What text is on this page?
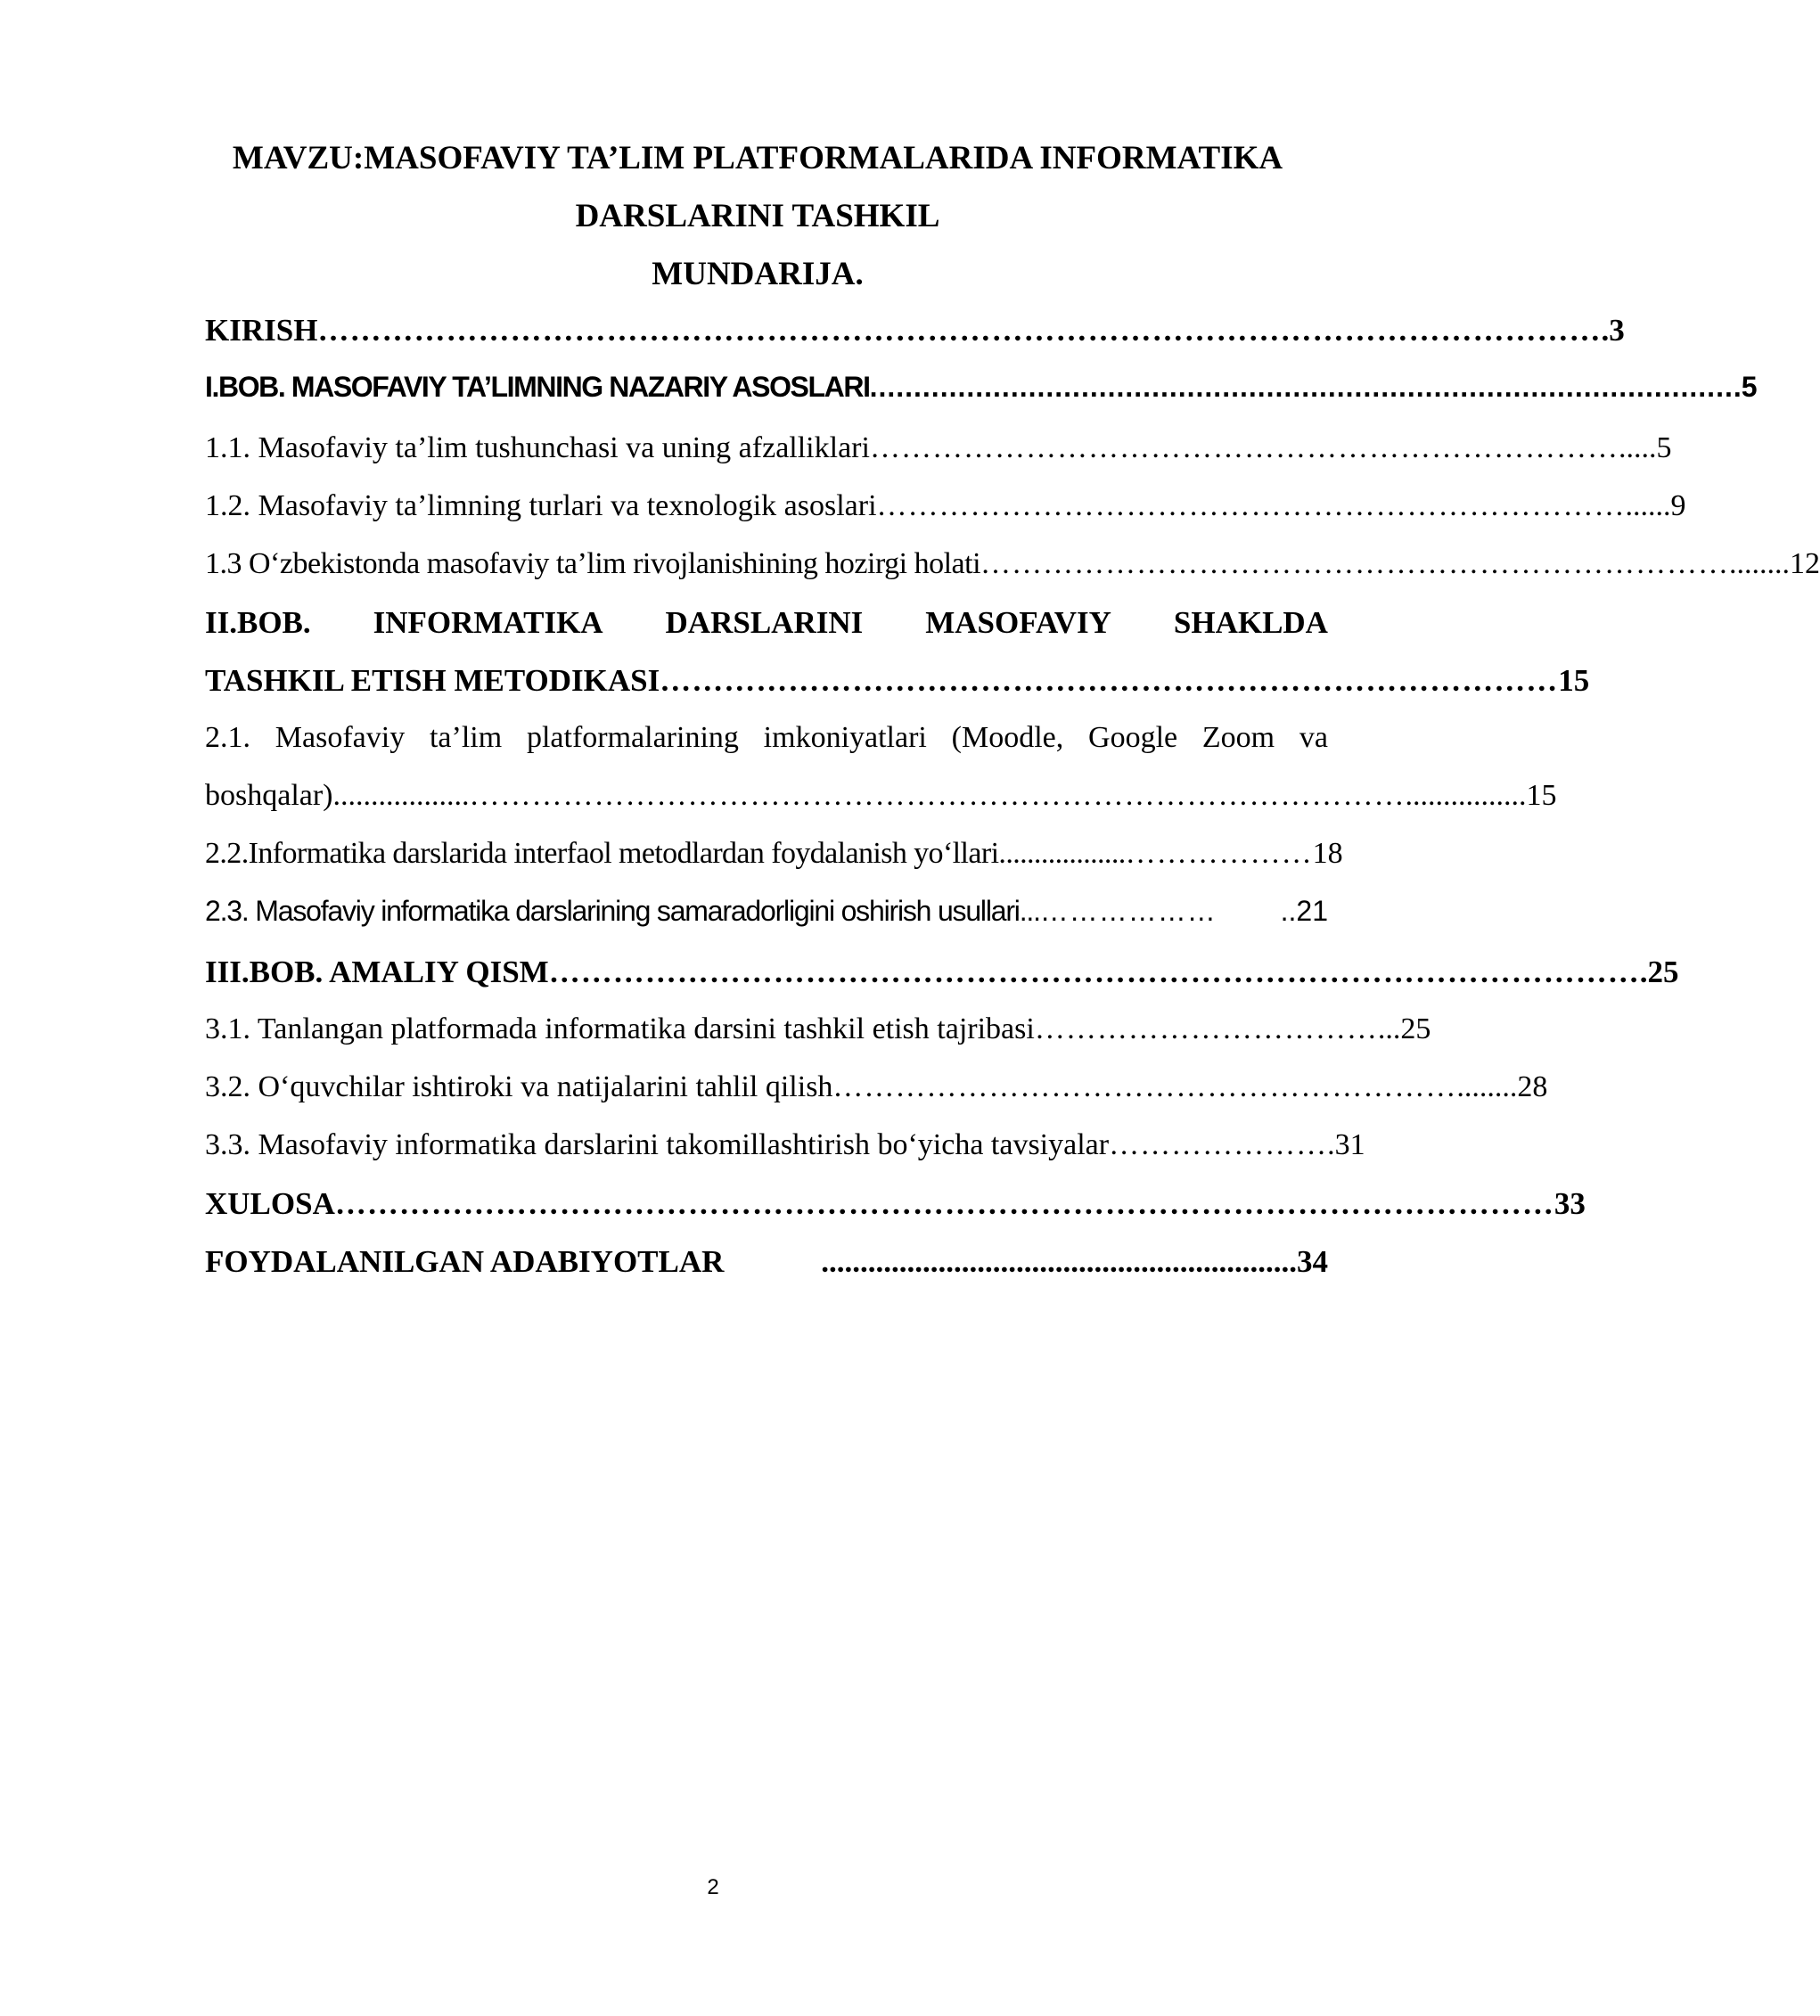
MAVZU:MASOFAVIY TA’LIM PLATFORMALARIDA INFORMATIKA
DARSLARINI TASHKIL
MUNDARIJA.
KIRISH ………………………………………………………………………………………………………… .3
I.BOB. MASOFAVIY TA’LIMNING NAZARIY ASOSLARI .................................................................................................. .5
1.1. Masofaviy ta’lim tushunchasi va uning afzalliklari ……………………………………………………………… .....5
1.2. Masofaviy ta’limning turlari va texnologik asoslari ……………………………………………………………… ......9
1.3 O‘zbekistonda masofaviy ta’lim rivojlanishining hozirgi holati ……………………………………………………………… ........12
II.BOB. INFORMATIKA DARSLARINI MASOFAVIY SHAKLDA
TASHKIL ETISH METODIKASI ………………………………………………………………………… 15
2.1. Masofaviy ta’lim platformalarining imkoniyatlari (Moodle, Google Zoom va
boshqalar).................. ……………………………………………………………………………… ................15
2.2.Informatika darslarida interfaol metodlardan foydalanish yo‘llari.................. ……………… 18
2.3. Masofaviy informatika darslarining samaradorligini oshirish usullari... ………………	..21
III.BOB. AMALIY QISM ………………………………………………………………………………………… .25
3.1. Tanlangan platformada informatika darsini tashkil etish tajribasi …………………………… ...25
3.2. O‘quvchilar ishtiroki va natijalarini tahlil qilish …………………………………………………… ........28
3.3. Masofaviy informatika darslarini takomillashtirish bo‘yicha tavsiyalar ………………… .31
XULOSA …………………………………………………………………………………………………… 33
FOYDALANILGAN ADABIYOTLAR	.............................................................34
2
